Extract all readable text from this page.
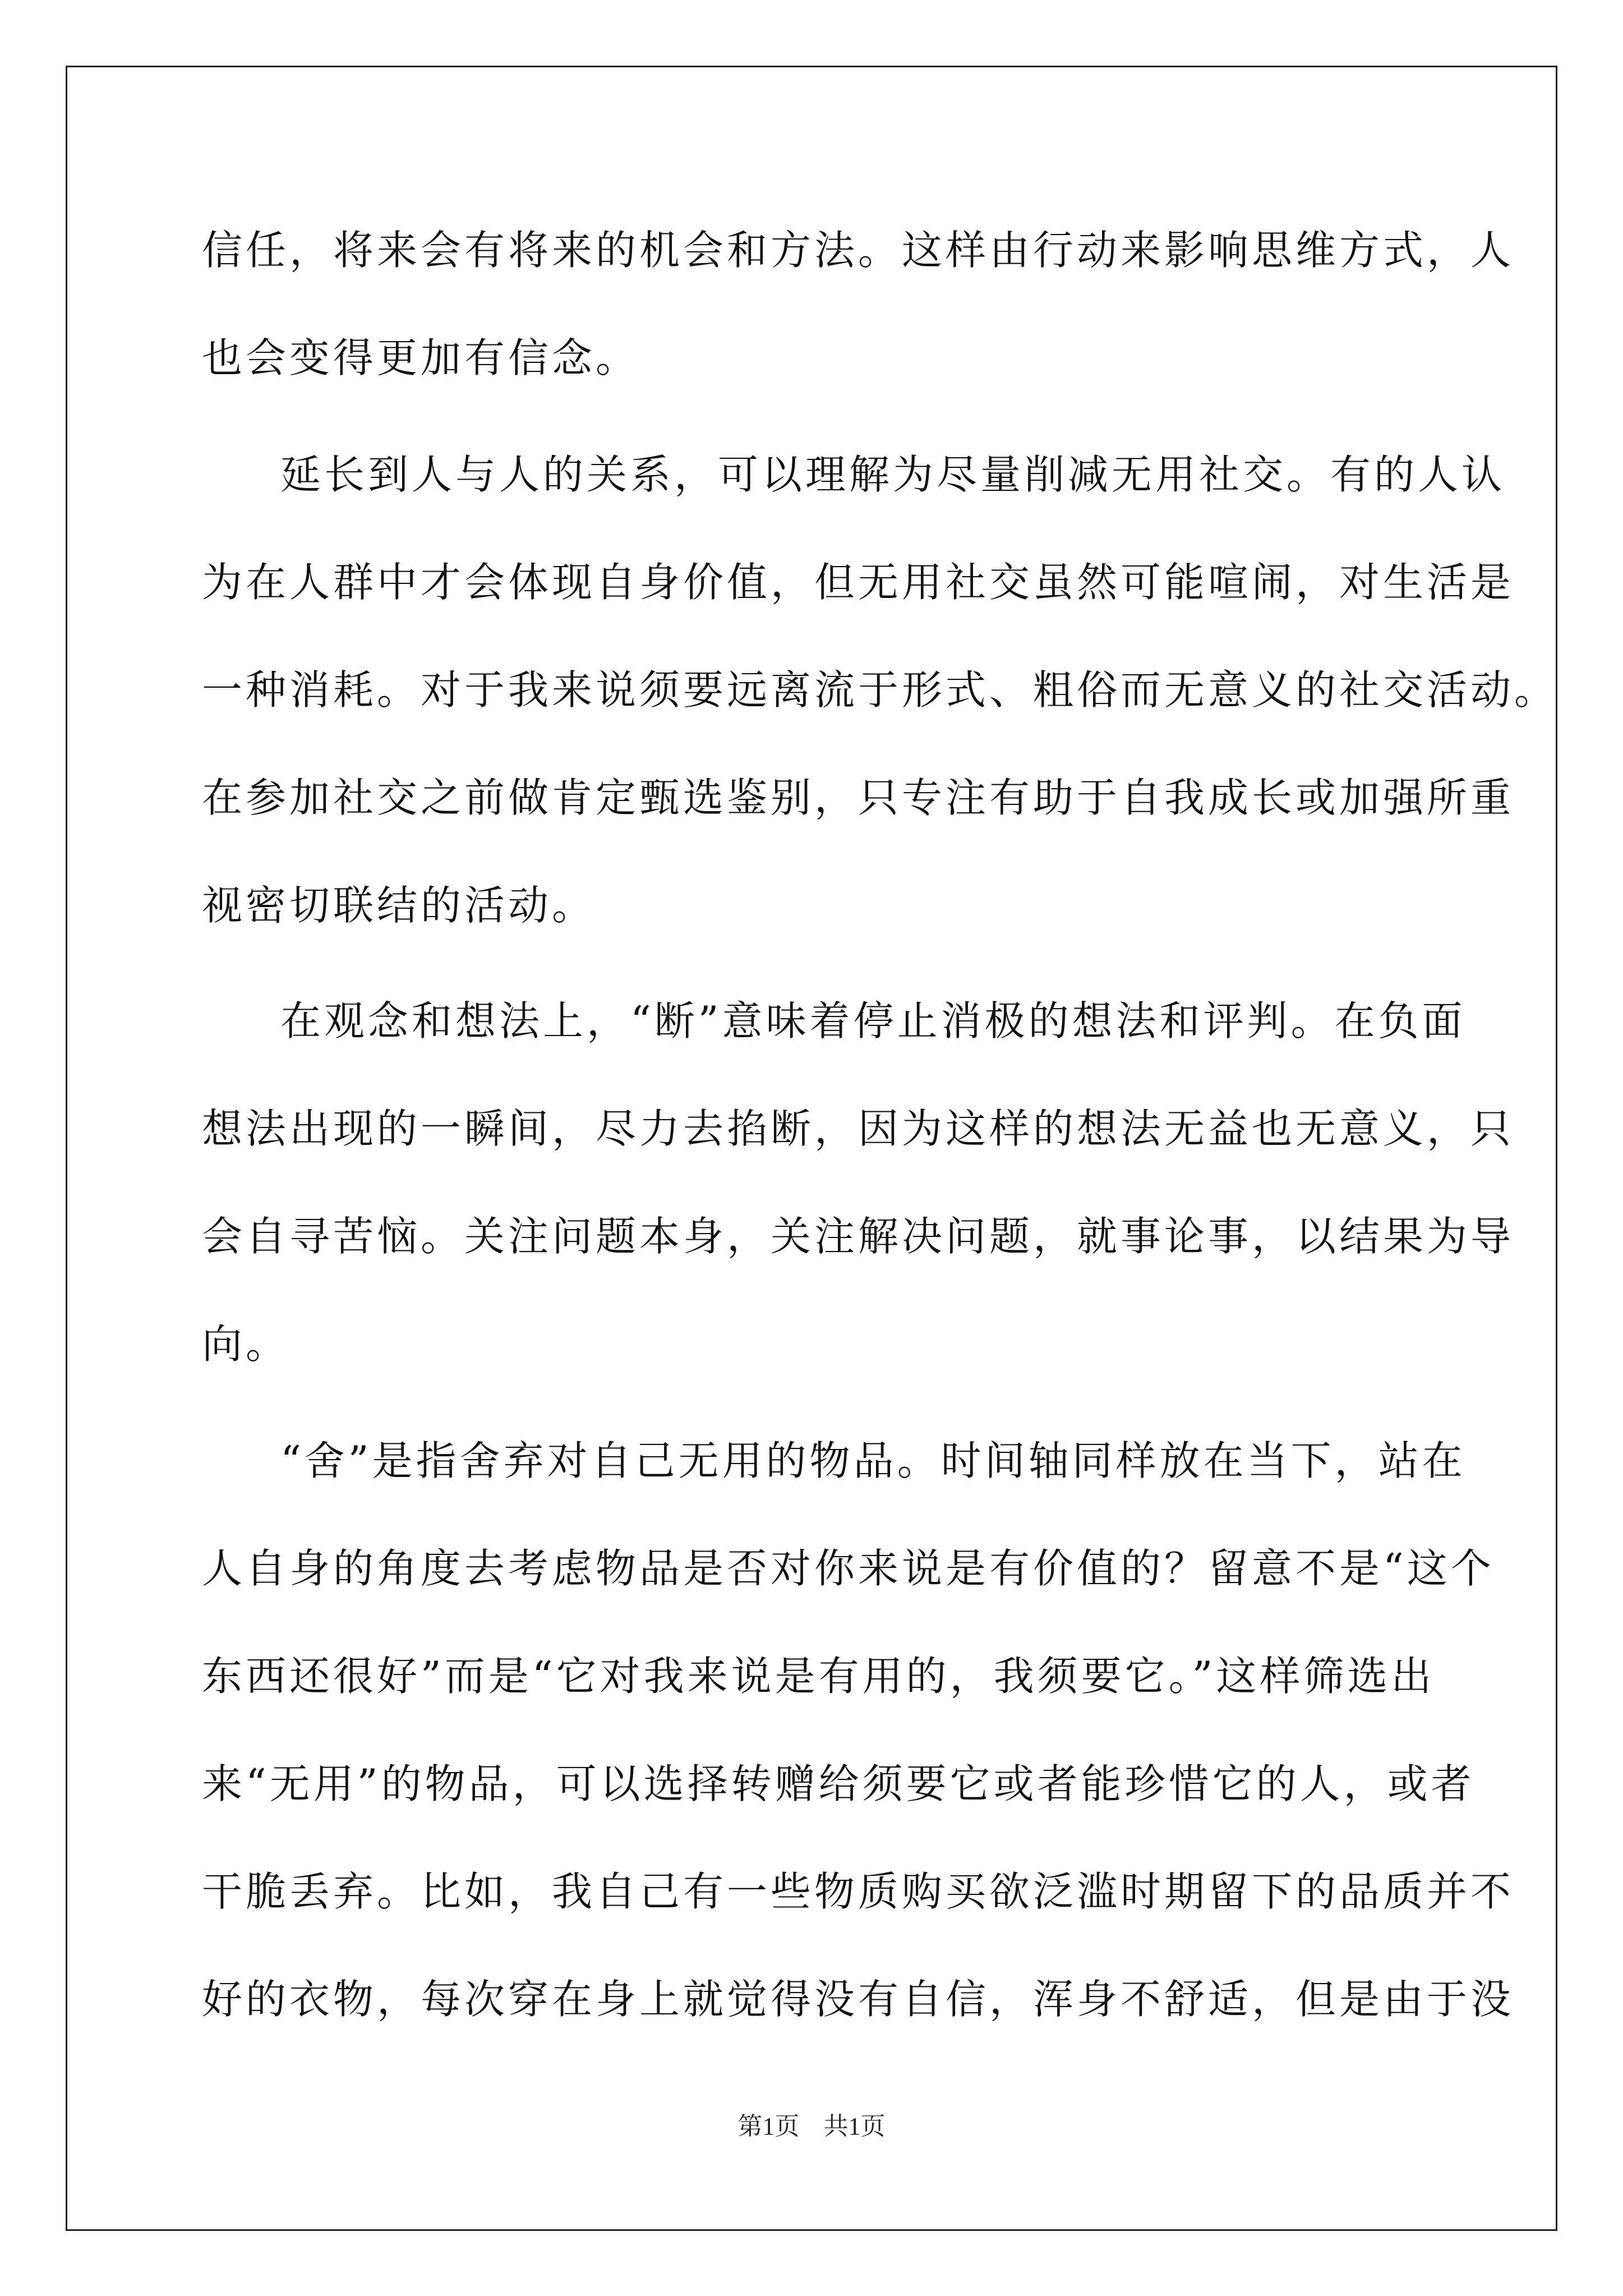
信任，将来会有将来的机会和方法。这样由行动来影响思维方式，人
也会变得更加有信念。
延长到人与人的关系，可以理解为尽量削减无用社交。有的人认
为在人群中才会体现自身价值，但无用社交虽然可能喧闹，对生活是
一种消耗。对于我来说须要远离流于形式、粗俗而无意义的社交活动。
在参加社交之前做肯定甄选鉴别，只专注有助于自我成长或加强所重
视密切联结的活动。
在观念和想法上，“断”意味着停止消极的想法和评判。在负面
想法出现的一瞬间，尽力去掐断，因为这样的想法无益也无意义，只
会自寻苦恼。关注问题本身，关注解决问题，就事论事，以结果为导
向。
“舍”是指舍弃对自己无用的物品。时间轴同样放在当下，站在
人自身的角度去考虑物品是否对你来说是有价值的？留意不是“这个
东西还很好”而是“它对我来说是有用的，我须要它。”这样筛选出
来“无用”的物品，可以选择转赠给须要它或者能珍惜它的人，或者
干脆丢弃。比如，我自己有一些物质购买欲泛滥时期留下的品质并不
好的衣物，每次穿在身上就觉得没有自信，浑身不舒适，但是由于没
第1页 共1页
